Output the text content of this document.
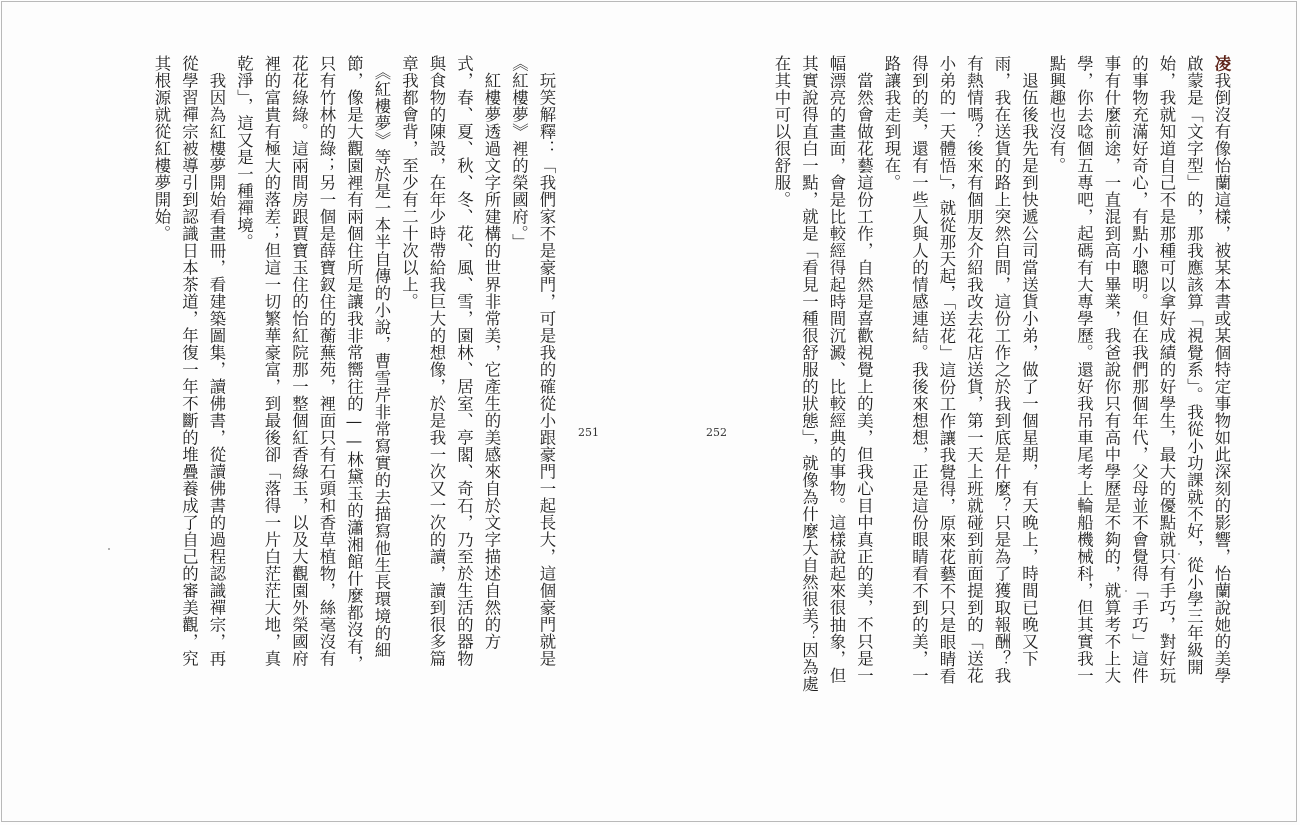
凌我倒沒有像怡蘭這樣，被某本書或某個特定事物如此深刻的影響，怡蘭說她的美學啟蒙是「文字型」的，那我應該算「視覺系」。我從小功課就不好，從小學三年級開始，我就知道自己不是那種可以拿好成績的好學生，最大的優點就只有手巧，對好玩的事物充滿好奇心，有點小聰明。但在我們那個年代，父母並不會覺得「手巧」這件事有什麼前途，一直混到高中畢業，我爸說你只有高中學歷是不夠的，就算考不上大學，你去唸個五專吧，起碼有大專學歷。還好我吊車尾考上輪船機械科，但其實我一點興趣也沒有。
　退伍後我先是到快遞公司當送貨小弟，做了一個星期，有天晚上，時間已晚又下雨，我在送貨的路上突然自問，這份工作之於我到底是什麼？只是為了獲取報酬？我有熱情嗎？後來有個朋友介紹我改去花店送貨，第一天上班就碰到前面提到的「送花小弟的一天體悟」，就從那天起，「送花」這份工作讓我覺得，原來花藝不只是眼睛看得到的美，還有一些人與人的情感連結。我後來想想，正是這份眼睛看不到的美，一路讓我走到現在。
　當然會做花藝這份工作，自然是喜歡視覺上的美，但我心目中真正的美，不只是一幅漂亮的畫面，會是比較經得起時間沉澱、比較經典的事物。這樣說起來很抽象，但其實說得直白一點，就是「看見一種很舒服的狀態」，就像為什麼大自然很美？因為處在其中可以很舒服。
　玩笑解釋：「我們家不是豪門，可是我的確從小跟豪門一起長大，這個豪門就是《紅樓夢》裡的榮國府。」
　紅樓夢透過文字所建構的世界非常美，它產生的美感來自於文字描述自然的方式，春、夏、秋、冬、花、風、雪，園林、居室、亭閣、奇石，乃至於生活的器物與食物的陳設，在年少時帶給我巨大的想像，於是我一次又一次的讀，讀到很多篇章我都會背，至少有二十次以上。
　《紅樓夢》等於是一本半自傳的小說，曹雪芹非常寫實的去描寫他生長環境的細節，像是大觀園裡有兩個住所是讓我非常嚮往的——林黛玉的瀟湘館什麼都沒有，只有竹林的綠；另一個是薛寶釵住的蘅蕪苑，裡面只有石頭和香草植物，絲毫沒有花花綠綠。這兩間房跟賈寶玉住的怡紅院那一整個紅香綠玉，以及大觀園外榮國府裡的富貴有極大的落差；但這一切繁華豪富，到最後卻「落得一片白茫茫大地，真乾淨」，這又是一種禪境。
　我因為紅樓夢開始看畫冊，看建築圖集，讀佛書，從讀佛書的過程認識禪宗，再從學習禪宗被導引到認識日本茶道，年復一年不斷的堆疊養成了自己的審美觀，究其根源就從紅樓夢開始。
251	252
